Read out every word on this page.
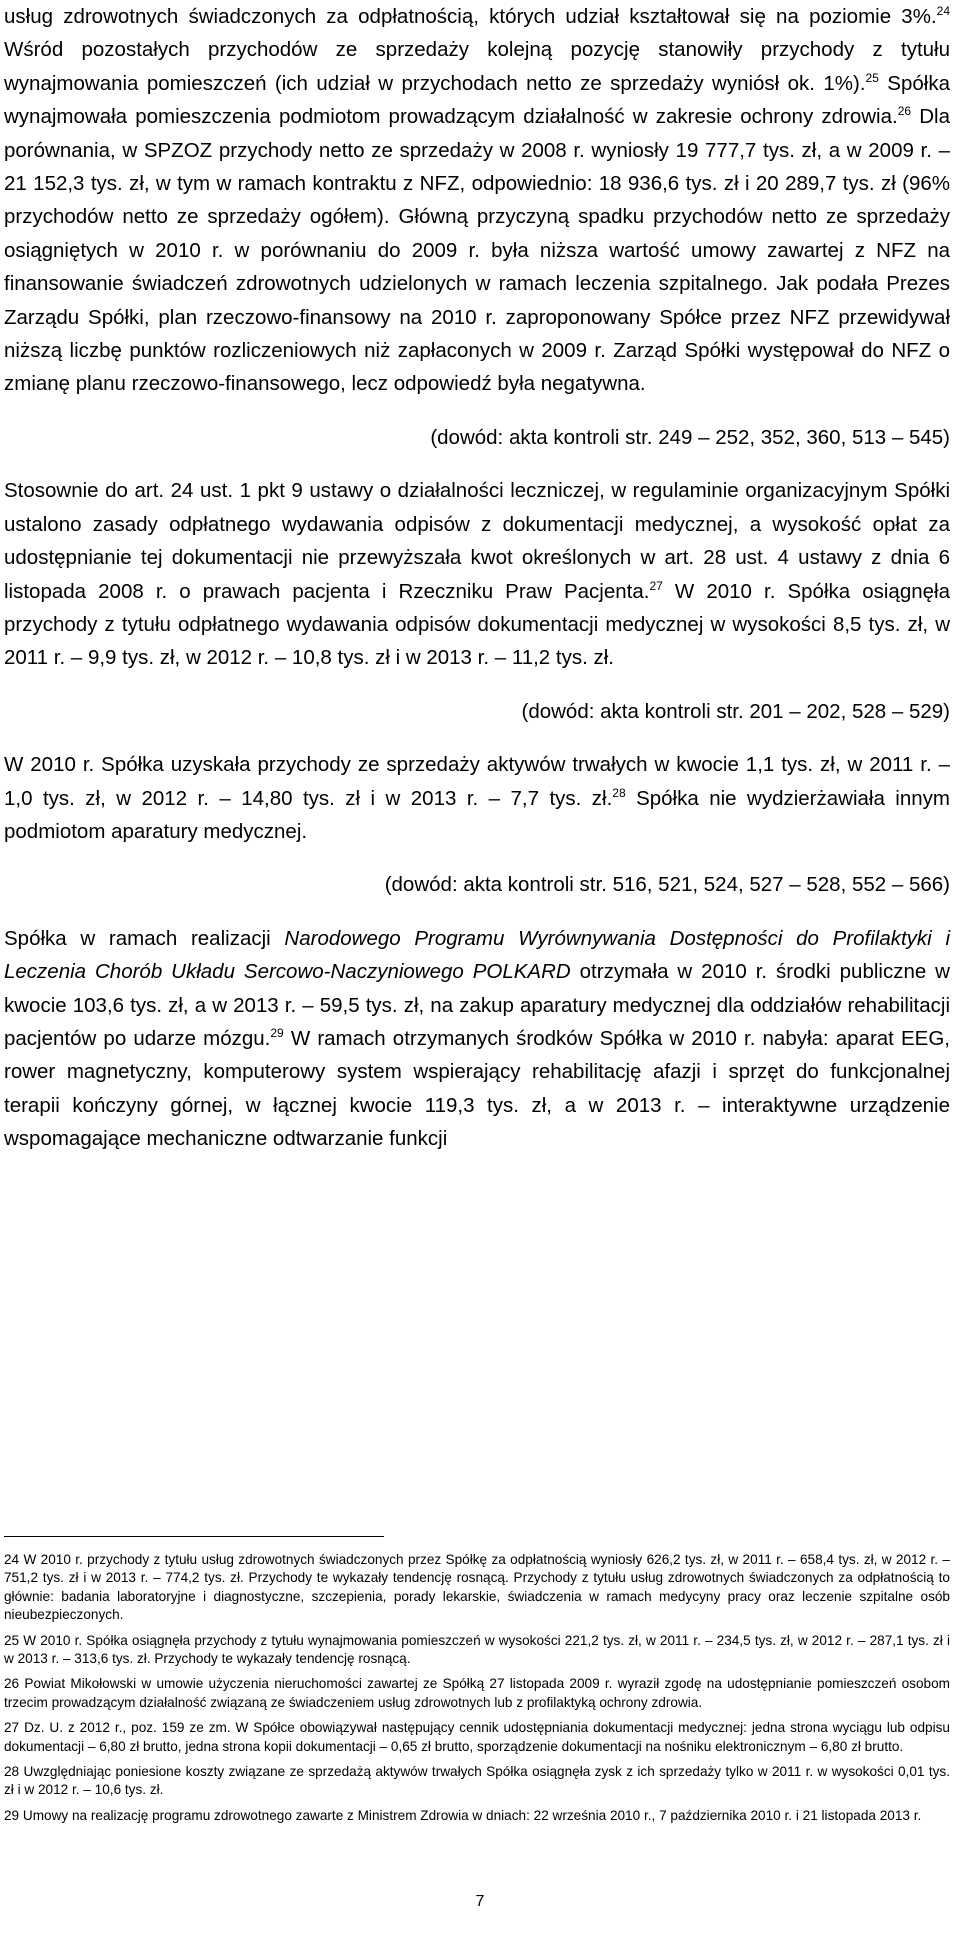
usług zdrowotnych świadczonych za odpłatnością, których udział kształtował się na poziomie 3%.$^{24}$ Wśród pozostałych przychodów ze sprzedaży kolejną pozycję stanowiły przychody z tytułu wynajmowania pomieszczeń (ich udział w przychodach netto ze sprzedaży wyniósł ok. 1%).$^{25}$ Spółka wynajmowała pomieszczenia podmiotom prowadzącym działalność w zakresie ochrony zdrowia.$^{26}$ Dla porównania, w SPZOZ przychody netto ze sprzedaży w 2008 r. wyniosły 19 777,7 tys. zł, a w 2009 r. – 21 152,3 tys. zł, w tym w ramach kontraktu z NFZ, odpowiednio: 18 936,6 tys. zł i 20 289,7 tys. zł (96% przychodów netto ze sprzedaży ogółem). Główną przyczyną spadku przychodów netto ze sprzedaży osiągniętych w 2010 r. w porównaniu do 2009 r. była niższa wartość umowy zawartej z NFZ na finansowanie świadczeń zdrowotnych udzielonych w ramach leczenia szpitalnego. Jak podała Prezes Zarządu Spółki, plan rzeczowo-finansowy na 2010 r. zaproponowany Spółce przez NFZ przewidywał niższą liczbę punktów rozliczeniowych niż zapłaconych w 2009 r. Zarząd Spółki występował do NFZ o zmianę planu rzeczowo-finansowego, lecz odpowiedź była negatywna.

(dowód: akta kontroli str. 249 – 252, 352, 360, 513 – 545)

Stosownie do art. 24 ust. 1 pkt 9 ustawy o działalności leczniczej, w regulaminie organizacyjnym Spółki ustalono zasady odpłatnego wydawania odpisów z dokumentacji medycznej, a wysokość opłat za udostępnianie tej dokumentacji nie przewyższała kwot określonych w art. 28 ust. 4 ustawy z dnia 6 listopada 2008 r. o prawach pacjenta i Rzeczniku Praw Pacjenta.$^{27}$ W 2010 r. Spółka osiągnęła przychody z tytułu odpłatnego wydawania odpisów dokumentacji medycznej w wysokości 8,5 tys. zł, w 2011 r. – 9,9 tys. zł, w 2012 r. – 10,8 tys. zł i w 2013 r. – 11,2 tys. zł.

(dowód: akta kontroli str. 201 – 202, 528 – 529)

W 2010 r. Spółka uzyskała przychody ze sprzedaży aktywów trwałych w kwocie 1,1 tys. zł, w 2011 r. – 1,0 tys. zł, w 2012 r. – 14,80 tys. zł i w 2013 r. – 7,7 tys. zł.$^{28}$ Spółka nie wydzierżawiała innym podmiotom aparatury medycznej.

(dowód: akta kontroli str. 516, 521, 524, 527 – 528, 552 – 566)

Spółka w ramach realizacji Narodowego Programu Wyrównywania Dostępności do Profilaktyki i Leczenia Chorób Układu Sercowo-Naczyniowego POLKARD otrzymała w 2010 r. środki publiczne w kwocie 103,6 tys. zł, a w 2013 r. – 59,5 tys. zł, na zakup aparatury medycznej dla oddziałów rehabilitacji pacjentów po udarze mózgu.$^{29}$ W ramach otrzymanych środków Spółka w 2010 r. nabyła: aparat EEG, rower magnetyczny, komputerowy system wspierający rehabilitację afazji i sprzęt do funkcjonalnej terapii kończyny górnej, w łącznej kwocie 119,3 tys. zł, a w 2013 r. – interaktywne urządzenie wspomagające mechaniczne odtwarzanie funkcji

24 W 2010 r. przychody z tytułu usług zdrowotnych świadczonych przez Spółkę za odpłatnością wyniosły 626,2 tys. zł, w 2011 r. – 658,4 tys. zł, w 2012 r. – 751,2 tys. zł i w 2013 r. – 774,2 tys. zł. Przychody te wykazały tendencję rosnącą. Przychody z tytułu usług zdrowotnych świadczonych za odpłatnością to głównie: badania laboratoryjne i diagnostyczne, szczepienia, porady lekarskie, świadczenia w ramach medycyny pracy oraz leczenie szpitalne osób nieubezpieczonych.

25 W 2010 r. Spółka osiągnęła przychody z tytułu wynajmowania pomieszczeń w wysokości 221,2 tys. zł, w 2011 r. – 234,5 tys. zł, w 2012 r. – 287,1 tys. zł i w 2013 r. – 313,6 tys. zł. Przychody te wykazały tendencję rosnącą.

26 Powiat Mikołowski w umowie użyczenia nieruchomości zawartej ze Spółką 27 listopada 2009 r. wyraził zgodę na udostępnianie pomieszczeń osobom trzecim prowadzącym działalność związaną ze świadczeniem usług zdrowotnych lub z profilaktyką ochrony zdrowia.

27 Dz. U. z 2012 r., poz. 159 ze zm. W Spółce obowiązywał następujący cennik udostępniania dokumentacji medycznej: jedna strona wyciągu lub odpisu dokumentacji – 6,80 zł brutto, jedna strona kopii dokumentacji – 0,65 zł brutto, sporządzenie dokumentacji na nośniku elektronicznym – 6,80 zł brutto.

28 Uwzględniając poniesione koszty związane ze sprzedażą aktywów trwałych Spółka osiągnęła zysk z ich sprzedaży tylko w 2011 r. w wysokości 0,01 tys. zł i w 2012 r. – 10,6 tys. zł.

29 Umowy na realizację programu zdrowotnego zawarte z Ministrem Zdrowia w dniach: 22 września 2010 r., 7 października 2010 r. i 21 listopada 2013 r.

7
